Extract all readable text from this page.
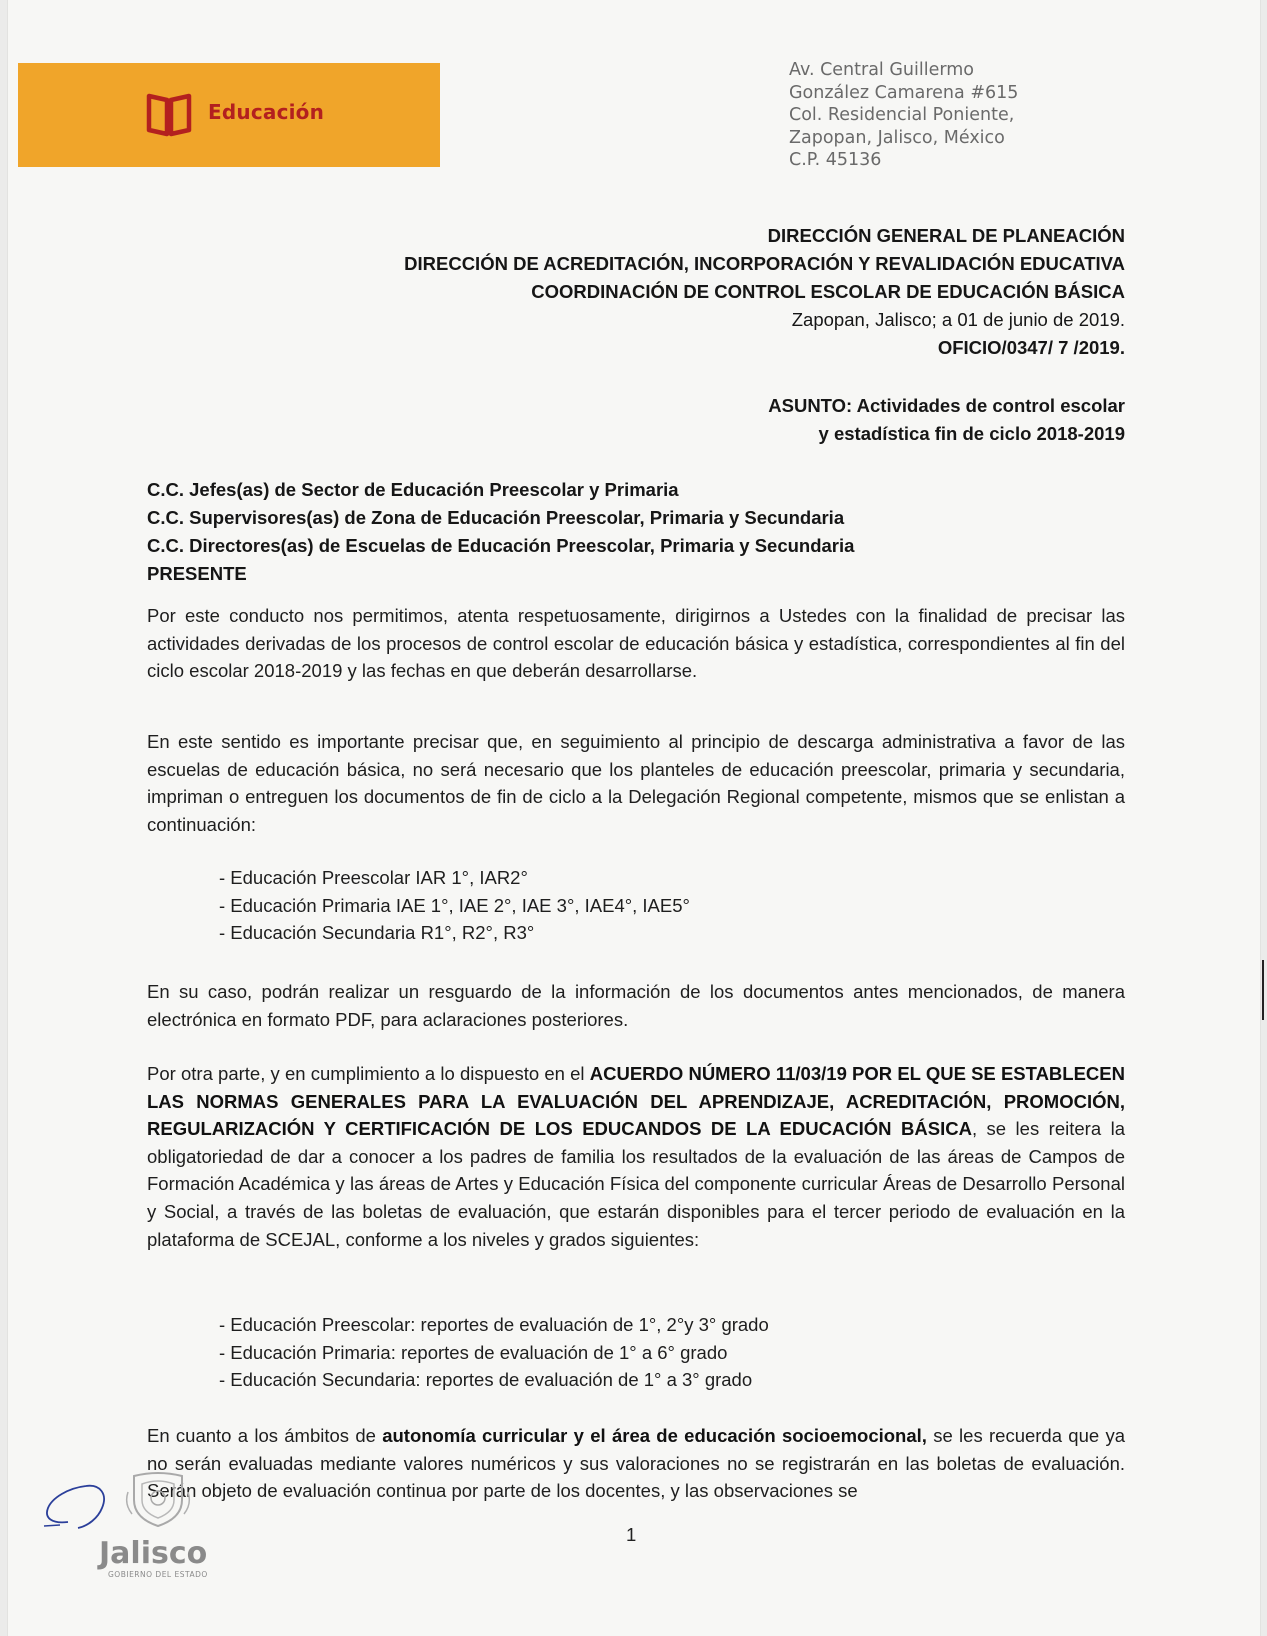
Educación
Av. Central Guillermo
González Camarena #615
Col. Residencial Poniente,
Zapopan, Jalisco, México
C.P. 45136
DIRECCIÓN GENERAL DE PLANEACIÓN
DIRECCIÓN DE ACREDITACIÓN, INCORPORACIÓN Y REVALIDACIÓN EDUCATIVA
COORDINACIÓN DE CONTROL ESCOLAR DE EDUCACIÓN BÁSICA
Zapopan, Jalisco; a 01 de junio de 2019.
OFICIO/0347/ 7 /2019.
ASUNTO: Actividades de control escolar
y estadística fin de ciclo 2018-2019
C.C. Jefes(as) de Sector de Educación Preescolar y Primaria
C.C. Supervisores(as) de Zona de Educación Preescolar, Primaria y Secundaria
C.C. Directores(as) de Escuelas de Educación Preescolar, Primaria y Secundaria
PRESENTE

Por este conducto nos permitimos, atenta respetuosamente, dirigirnos a Ustedes con la finalidad de precisar las actividades derivadas de los procesos de control escolar de educación básica y estadística, correspondientes al fin del ciclo escolar 2018-2019 y las fechas en que deberán desarrollarse.

En este sentido es importante precisar que, en seguimiento al principio de descarga administrativa a favor de las escuelas de educación básica, no será necesario que los planteles de educación preescolar, primaria y secundaria, impriman o entreguen los documentos de fin de ciclo a la Delegación Regional competente, mismos que se enlistan a continuación:

- Educación Preescolar IAR 1°, IAR2°
- Educación Primaria IAE 1°, IAE 2°, IAE 3°, IAE4°, IAE5°
- Educación Secundaria R1°, R2°, R3°

En su caso, podrán realizar un resguardo de la información de los documentos antes mencionados, de manera electrónica en formato PDF, para aclaraciones posteriores.

Por otra parte, y en cumplimiento a lo dispuesto en el ACUERDO NÚMERO 11/03/19 POR EL QUE SE ESTABLECEN LAS NORMAS GENERALES PARA LA EVALUACIÓN DEL APRENDIZAJE, ACREDITACIÓN, PROMOCIÓN, REGULARIZACIÓN Y CERTIFICACIÓN DE LOS EDUCANDOS DE LA EDUCACIÓN BÁSICA, se les reitera la obligatoriedad de dar a conocer a los padres de familia los resultados de la evaluación de las áreas de Campos de Formación Académica y las áreas de Artes y Educación Física del componente curricular Áreas de Desarrollo Personal y Social, a través de las boletas de evaluación, que estarán disponibles para el tercer periodo de evaluación en la plataforma de SCEJAL, conforme a los niveles y grados siguientes:

- Educación Preescolar: reportes de evaluación de 1°, 2°y 3° grado
- Educación Primaria: reportes de evaluación de 1° a 6° grado
- Educación Secundaria: reportes de evaluación de 1° a 3° grado

En cuanto a los ámbitos de autonomía curricular y el área de educación socioemocional, se les recuerda que ya no serán evaluadas mediante valores numéricos y sus valoraciones no se registrarán en las boletas de evaluación. Serán objeto de evaluación continua por parte de los docentes, y las observaciones se

Jalisco
GOBIERNO DEL ESTADO
1
